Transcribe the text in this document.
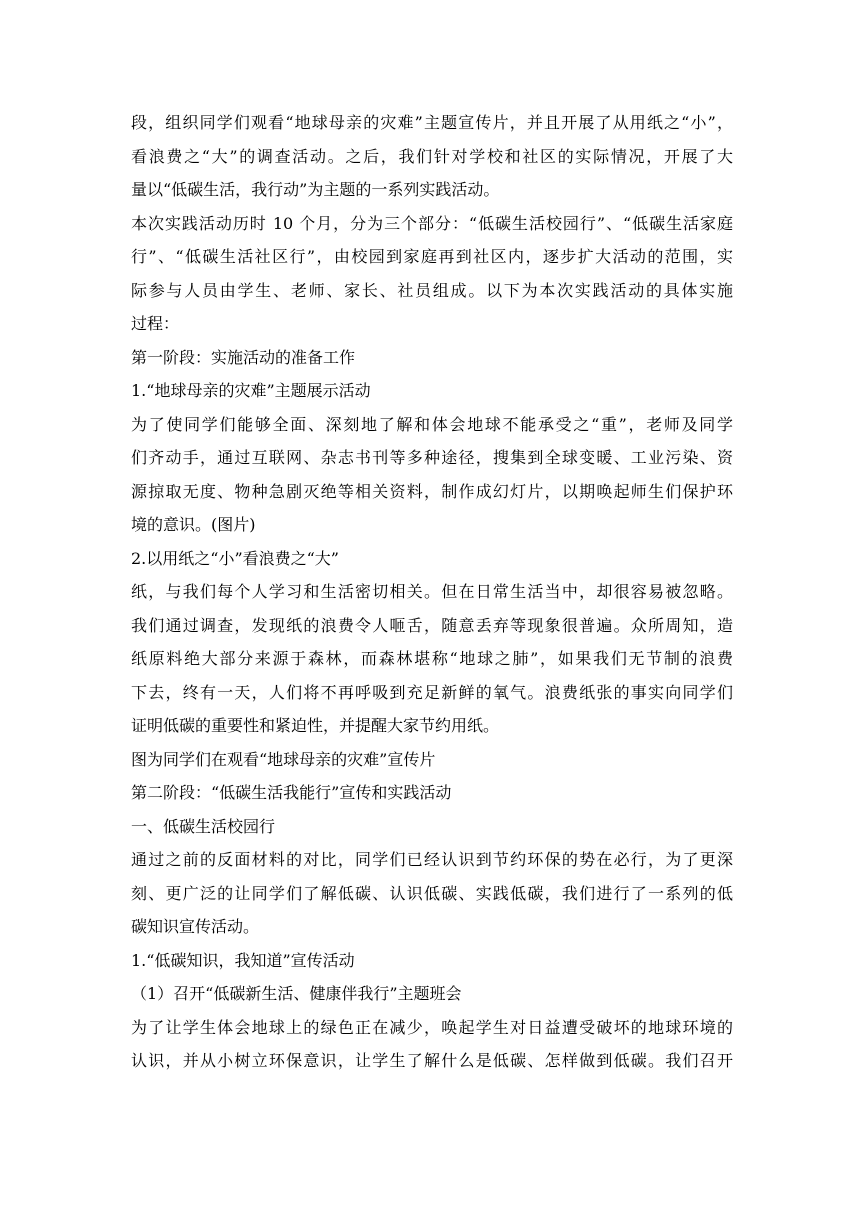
段，组织同学们观看“地球母亲的灾难”主题宣传片，并且开展了从用纸之“小”，
看浪费之“大”的调查活动。之后，我们针对学校和社区的实际情况，开展了大
量以“低碳生活，我行动”为主题的一系列实践活动。
本次实践活动历时 10 个月，分为三个部分：“低碳生活校园行”、“低碳生活家庭
行”、“低碳生活社区行”，由校园到家庭再到社区内，逐步扩大活动的范围，实
际参与人员由学生、老师、家长、社员组成。以下为本次实践活动的具体实施
过程：
第一阶段：实施活动的准备工作
1.“地球母亲的灾难”主题展示活动
为了使同学们能够全面、深刻地了解和体会地球不能承受之“重”，老师及同学
们齐动手，通过互联网、杂志书刊等多种途径，搜集到全球变暖、工业污染、资
源掠取无度、物种急剧灭绝等相关资料，制作成幻灯片，以期唤起师生们保护环
境的意识。(图片)
2.以用纸之“小”看浪费之“大”
纸，与我们每个人学习和生活密切相关。但在日常生活当中，却很容易被忽略。
我们通过调查，发现纸的浪费令人咂舌，随意丢弃等现象很普遍。众所周知，造
纸原料绝大部分来源于森林，而森林堪称“地球之肺”，如果我们无节制的浪费
下去，终有一天，人们将不再呼吸到充足新鲜的氧气。浪费纸张的事实向同学们
证明低碳的重要性和紧迫性，并提醒大家节约用纸。
图为同学们在观看“地球母亲的灾难”宣传片
第二阶段：“低碳生活我能行”宣传和实践活动
一、低碳生活校园行
通过之前的反面材料的对比，同学们已经认识到节约环保的势在必行，为了更深
刻、更广泛的让同学们了解低碳、认识低碳、实践低碳，我们进行了一系列的低
碳知识宣传活动。
1.“低碳知识，我知道”宣传活动
（1）召开“低碳新生活、健康伴我行”主题班会
为了让学生体会地球上的绿色正在减少，唤起学生对日益遭受破坏的地球环境的
认识，并从小树立环保意识，让学生了解什么是低碳、怎样做到低碳。我们召开
